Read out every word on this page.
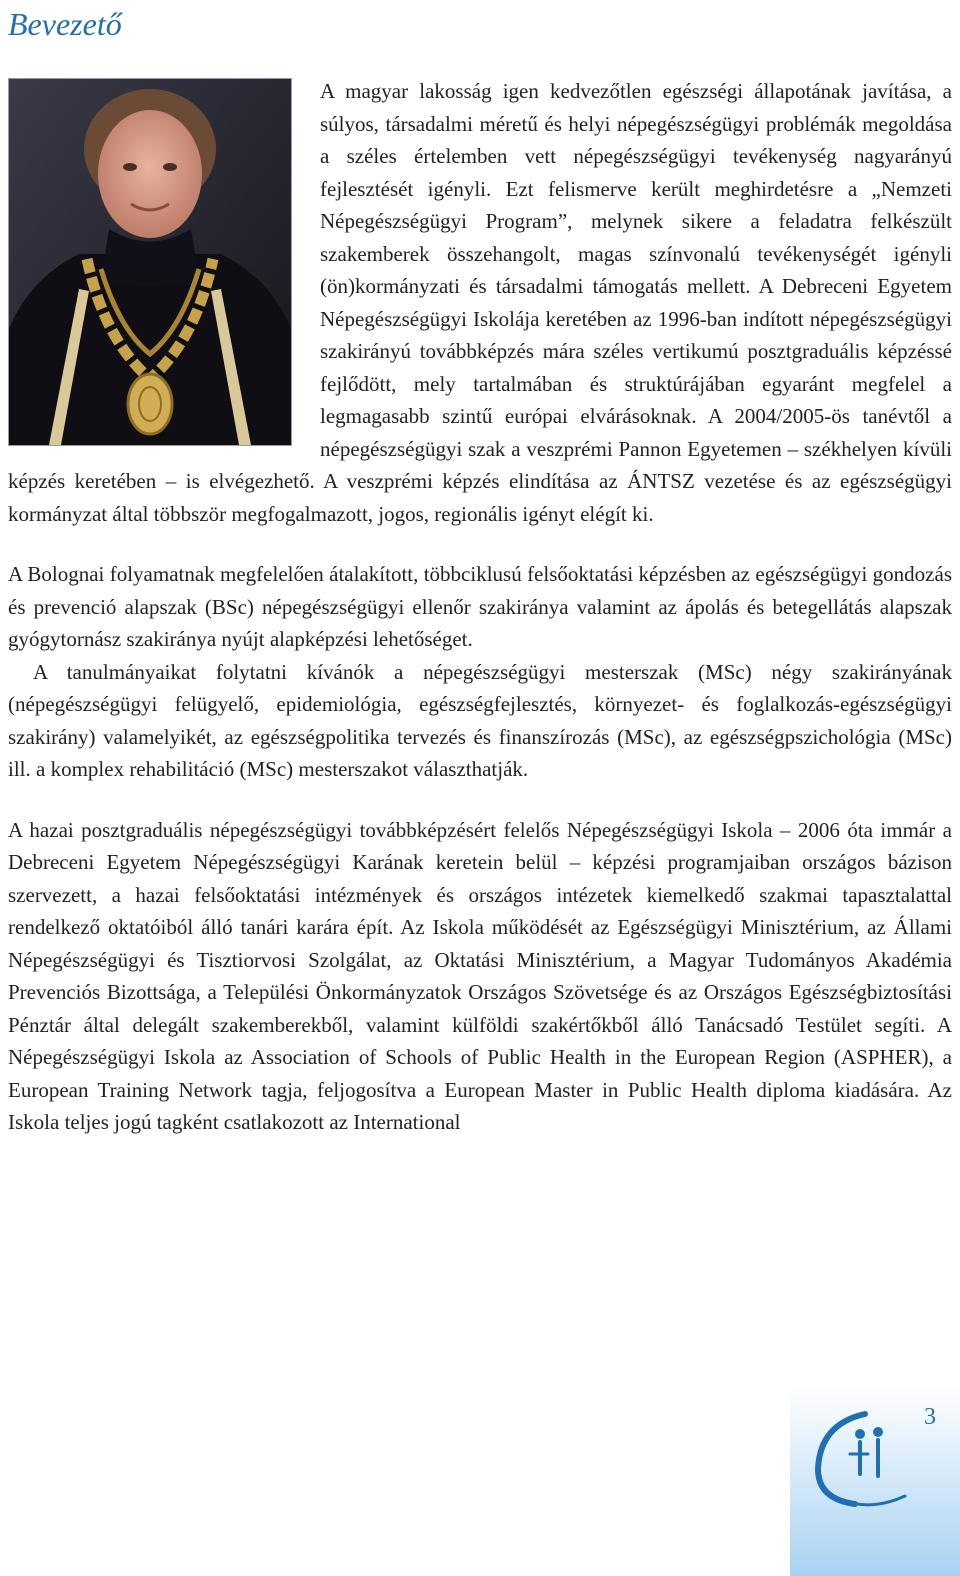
Bevezető

A magyar lakosság igen kedvezőtlen egészségi állapotának javítása, a súlyos, társadalmi méretű és helyi népegészségügyi problémák megoldása a széles értelemben vett népegészségügyi tevékenység nagyarányú fejlesztését igényli. Ezt felismerve került meghirdetésre a „Nemzeti Népegészségügyi Program”, melynek sikere a feladatra felkészült szakemberek összehangolt, magas színvonalú tevékenységét igényli (ön)kormányzati és társadalmi támogatás mellett. A Debreceni Egyetem Népegészségügyi Iskolája keretében az 1996-ban indított népegészségügyi szakirányú továbbképzés mára széles vertikumú posztgraduális képzéssé fejlődött, mely tartalmában és struktúrájában egyaránt megfelel a legmagasabb szintű európai elvárásoknak. A 2004/2005-ös tanévtől a népegészségügyi szak a veszprémi Pannon Egyetemen – székhelyen kívüli képzés keretében – is elvégezhető. A veszprémi képzés elindítása az ÁNTSZ vezetése és az egészségügyi kormányzat által többször megfogalmazott, jogos, regionális igényt elégít ki.

A Bolognai folyamatnak megfelelően átalakított, többciklusú felsőoktatási képzésben az egészségügyi gondozás és prevenció alapszak (BSc) népegészségügyi ellenőr szakiránya valamint az ápolás és betegellátás alapszak gyógytornász szakiránya nyújt alapképzési lehetőséget.

A tanulmányaikat folytatni kívánók a népegészségügyi mesterszak (MSc) négy szakirányának (népegészségügyi felügyelő, epidemiológia, egészségfejlesztés, környezet- és foglalkozás-egészségügyi szakirány) valamelyikét, az egészségpolitika tervezés és finanszírozás (MSc), az egészségpszichológia (MSc) ill. a komplex rehabilitáció (MSc) mesterszakot választhatják.

A hazai posztgraduális népegészségügyi továbbképzésért felelős Népegészségügyi Iskola – 2006 óta immár a Debreceni Egyetem Népegészségügyi Karának keretein belül – képzési programjaiban országos bázison szervezett, a hazai felsőoktatási intézmények és országos intézetek kiemelkedő szakmai tapasztalattal rendelkező oktatóiból álló tanári karára épít. Az Iskola működését az Egészségügyi Minisztérium, az Állami Népegészségügyi és Tisztiorvosi Szolgálat, az Oktatási Minisztérium, a Magyar Tudományos Akadémia Prevenciós Bizottsága, a Települési Önkormányzatok Országos Szövetsége és az Országos Egészségbiztosítási Pénztár által delegált szakemberekből, valamint külföldi szakértőkből álló Tanácsadó Testület segíti. A Népegészségügyi Iskola az Association of Schools of Public Health in the European Region (ASPHER), a European Training Network tagja, feljogosítva a European Master in Public Health diploma kiadására. Az Iskola teljes jogú tagként csatlakozott az International

3
